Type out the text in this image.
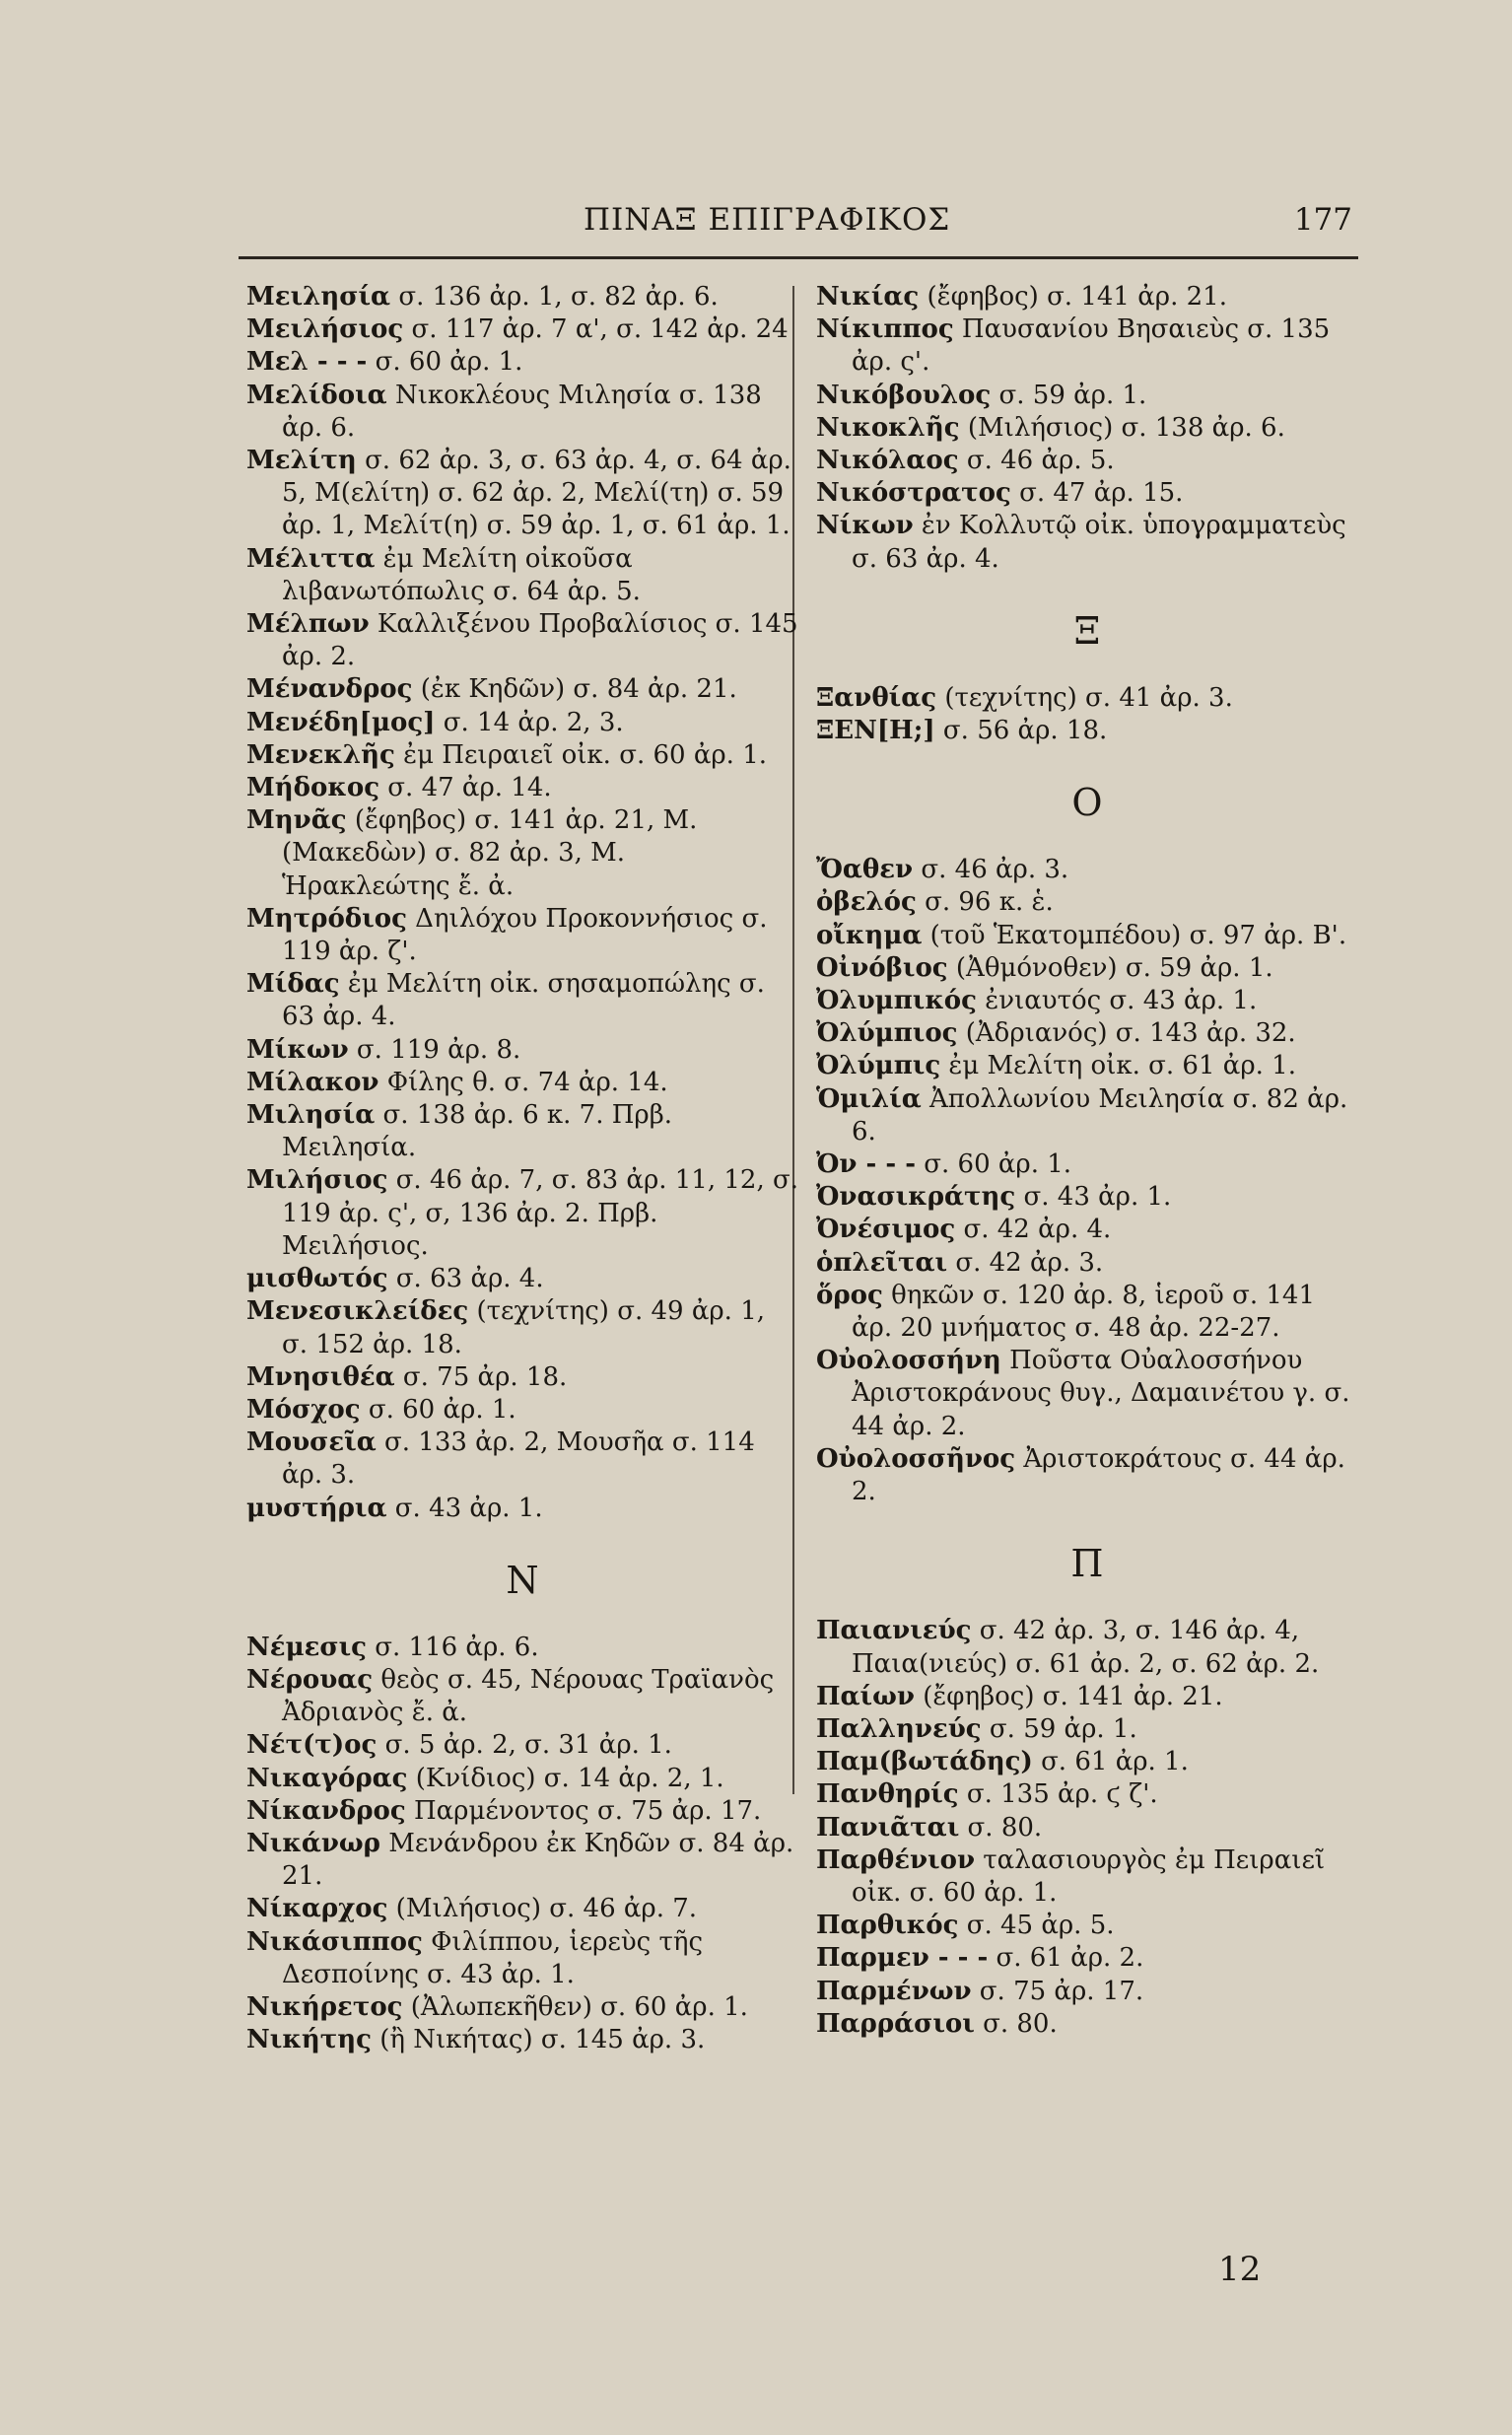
ΠΙΝΑΞ ΕΠΙΓΡΑΦΙΚΟΣ	177

Μειλησία σ. 136 ἀρ. 1, σ. 82 ἀρ. 6.

Μειλήσιος σ. 117 ἀρ. 7 α', σ. 142 ἀρ. 24

Μελ - - - σ. 60 ἀρ. 1.

Μελίδοια Νικοκλέους Μιλησία σ. 138 ἀρ. 6.

Μελίτη σ. 62 ἀρ. 3, σ. 63 ἀρ. 4, σ. 64 ἀρ. 5, Μ(ελίτη) σ. 62 ἀρ. 2, Μελί(τη) σ. 59 ἀρ. 1, Μελίτ(η) σ. 59 ἀρ. 1, σ. 61 ἀρ. 1.

Μέλιττα ἐμ Μελίτη οἰκοῦσα λιβανωτόπωλις σ. 64 ἀρ. 5.

Μέλπων Καλλιξένου Προβαλίσιος σ. 145 ἀρ. 2.

Μένανδρος (ἐκ Κηδῶν) σ. 84 ἀρ. 21.

Μενέδη[μος] σ. 14 ἀρ. 2, 3.

Μενεκλῆς ἐμ Πειραιεῖ οἰκ. σ. 60 ἀρ. 1.

Μήδοκος σ. 47 ἀρ. 14.

Μηνᾶς (ἔφηβος) σ. 141 ἀρ. 21, Μ. (Μακεδὼν) σ. 82 ἀρ. 3, Μ. Ἡρακλεώτης ἔ. ἀ.

Μητρόδιος Δηιλόχου Προκοννήσιος σ. 119 ἀρ. ζ'.

Μίδας ἐμ Μελίτη οἰκ. σησαμοπώλης σ. 63 ἀρ. 4.

Μίκων σ. 119 ἀρ. 8.

Μίλακον Φίλης θ. σ. 74 ἀρ. 14.

Μιλησία σ. 138 ἀρ. 6 κ. 7. Πρβ. Μειλησία.

Μιλήσιος σ. 46 ἀρ. 7, σ. 83 ἀρ. 11, 12, σ. 119 ἀρ. ς', σ, 136 ἀρ. 2. Πρβ. Μειλήσιος.

μισθωτός σ. 63 ἀρ. 4.

Μενεσικλείδες (τεχνίτης) σ. 49 ἀρ. 1, σ. 152 ἀρ. 18.

Μνησιθέα σ. 75 ἀρ. 18.

Μόσχος σ. 60 ἀρ. 1.

Μουσεῖα σ. 133 ἀρ. 2, Μουσῆα σ. 114 ἀρ. 3.

μυστήρια σ. 43 ἀρ. 1.

Ν

Νέμεσις σ. 116 ἀρ. 6.

Νέρουας θεὸς σ. 45, Νέρουας Τραϊανὸς Ἀδριανὸς ἔ. ἀ.

Νέτ(τ)ος σ. 5 ἀρ. 2, σ. 31 ἀρ. 1.

Νικαγόρας (Κνίδιος) σ. 14 ἀρ. 2, 1.

Νίκανδρος Παρμένοντος σ. 75 ἀρ. 17.

Νικάνωρ Μενάνδρου ἐκ Κηδῶν σ. 84 ἀρ. 21.

Νίκαρχος (Μιλήσιος) σ. 46 ἀρ. 7.

Νικάσιππος Φιλίππου, ἱερεὺς τῆς Δεσποίνης σ. 43 ἀρ. 1.

Νικήρετος (Ἀλωπεκῆθεν) σ. 60 ἀρ. 1.

Νικήτης (ἢ Νικήτας) σ. 145 ἀρ. 3.

Νικίας (ἔφηβος) σ. 141 ἀρ. 21.

Νίκιππος Παυσανίου Βησαιεὺς σ. 135 ἀρ. ς'.

Νικόβουλος σ. 59 ἀρ. 1.

Νικοκλῆς (Μιλήσιος) σ. 138 ἀρ. 6.

Νικόλαος σ. 46 ἀρ. 5.

Νικόστρατος σ. 47 ἀρ. 15.

Νίκων ἐν Κολλυτῷ οἰκ. ὑπογραμματεὺς σ. 63 ἀρ. 4.

Ξ

Ξανθίας (τεχνίτης) σ. 41 ἀρ. 3.

ΞΕΝ[Η;] σ. 56 ἀρ. 18.

Ο

Ὄαθεν σ. 46 ἀρ. 3.

ὀβελός σ. 96 κ. ἑ.

οἴκημα (τοῦ Ἑκατομπέδου) σ. 97 ἀρ. Β'.

Οἰνόβιος (Ἀθμόνοθεν) σ. 59 ἀρ. 1.

Ὀλυμπικός ἐνιαυτός σ. 43 ἀρ. 1.

Ὀλύμπιος (Ἀδριανός) σ. 143 ἀρ. 32.

Ὀλύμπις ἐμ Μελίτη οἰκ. σ. 61 ἀρ. 1.

Ὁμιλία Ἀπολλωνίου Μειλησία σ. 82 ἀρ. 6.

Ὀν - - - σ. 60 ἀρ. 1.

Ὀνασικράτης σ. 43 ἀρ. 1.

Ὀνέσιμος σ. 42 ἀρ. 4.

ὁπλεῖται σ. 42 ἀρ. 3.

ὅρος θηκῶν σ. 120 ἀρ. 8, ἱεροῦ σ. 141 ἀρ. 20 μνήματος σ. 48 ἀρ. 22-27.

Οὐολοσσήνη Ποῦστα Οὐαλοσσήνου Ἀριστοκράνους θυγ., Δαμαινέτου γ. σ. 44 ἀρ. 2.

Οὐολοσσῆνος Ἀριστοκράτους σ. 44 ἀρ. 2.

Π

Παιανιεύς σ. 42 ἀρ. 3, σ. 146 ἀρ. 4, Παια(νιεύς) σ. 61 ἀρ. 2, σ. 62 ἀρ. 2.

Παίων (ἔφηβος) σ. 141 ἀρ. 21.

Παλληνεύς σ. 59 ἀρ. 1.

Παμ(βωτάδης) σ. 61 ἀρ. 1.

Πανθηρίς σ. 135 ἀρ. ϛ ζ'.

Πανιᾶται σ. 80.

Παρθένιον ταλασιουργὸς ἐμ Πειραιεῖ οἰκ. σ. 60 ἀρ. 1.

Παρθικός σ. 45 ἀρ. 5.

Παρμεν - - - σ. 61 ἀρ. 2.

Παρμένων σ. 75 ἀρ. 17.

Παρράσιοι σ. 80.

12
